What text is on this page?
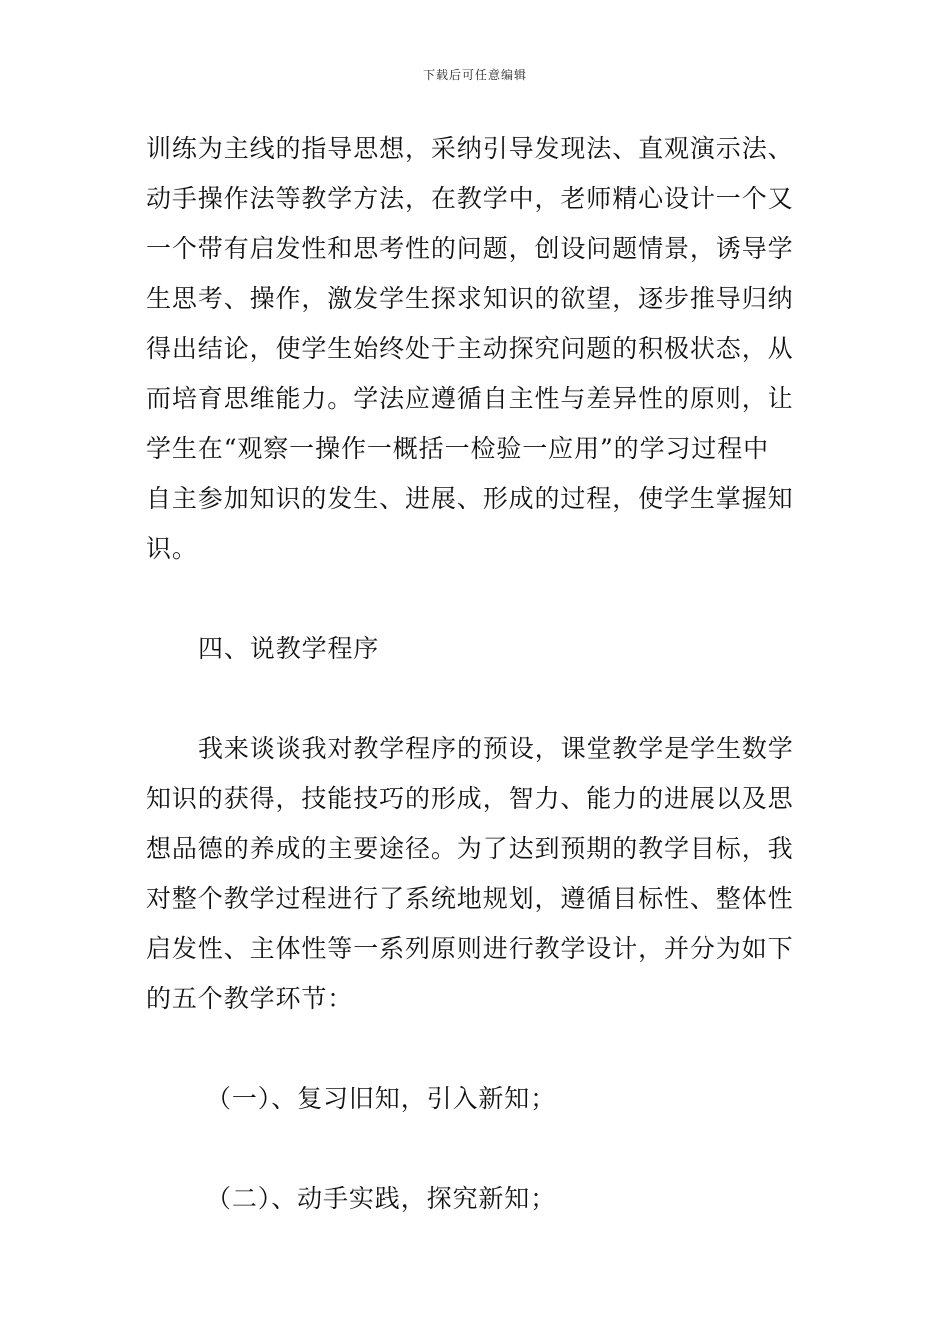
下载后可任意编辑
训练为主线的指导思想，采纳引导发现法、直观演示法、
动手操作法等教学方法，在教学中，老师精心设计一个又
一个带有启发性和思考性的问题，创设问题情景，诱导学
生思考、操作，激发学生探求知识的欲望，逐步推导归纳
得出结论，使学生始终处于主动探究问题的积极状态，从
而培育思维能力。学法应遵循自主性与差异性的原则，让
学生在“观察一操作一概括一检验一应用”的学习过程中
自主参加知识的发生、进展、形成的过程，使学生掌握知
识。
四、说教学程序
我来谈谈我对教学程序的预设，课堂教学是学生数学
知识的获得，技能技巧的形成，智力、能力的进展以及思
想品德的养成的主要途径。为了达到预期的教学目标，我
对整个教学过程进行了系统地规划，遵循目标性、整体性
启发性、主体性等一系列原则进行教学设计，并分为如下
的五个教学环节：
（一）、复习旧知，引入新知；
（二）、动手实践，探究新知；
